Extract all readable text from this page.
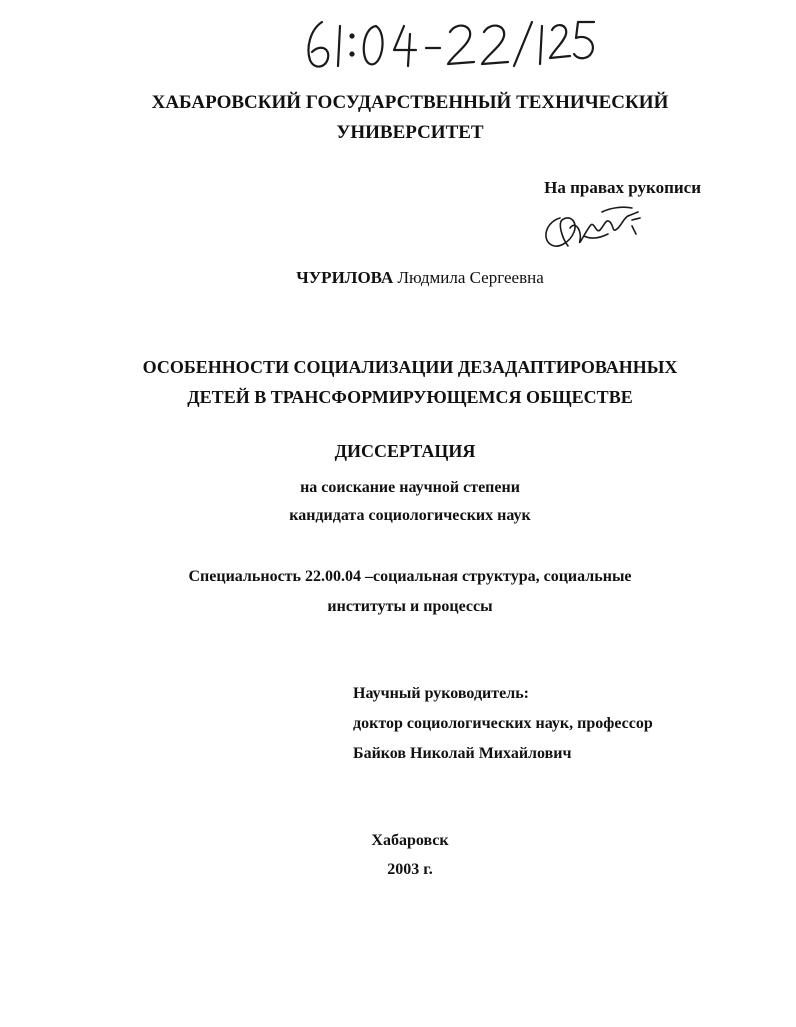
ХАБАРОВСКИЙ ГОСУДАРСТВЕННЫЙ ТЕХНИЧЕСКИЙ
УНИВЕРСИТЕТ
На правах рукописи
ЧУРИЛОВА Людмила Сергеевна
ОСОБЕННОСТИ СОЦИАЛИЗАЦИИ ДЕЗАДАПТИРОВАННЫХ
ДЕТЕЙ В ТРАНСФОРМИРУЮЩЕМСЯ ОБЩЕСТВЕ
ДИССЕРТАЦИЯ
на соискание научной степени
кандидата социологических наук
Специальность 22.00.04 –социальная структура, социальные
институты и процессы
Научный руководитель:
доктор социологических наук, профессор
Байков Николай Михайлович
Хабаровск
2003 г.
